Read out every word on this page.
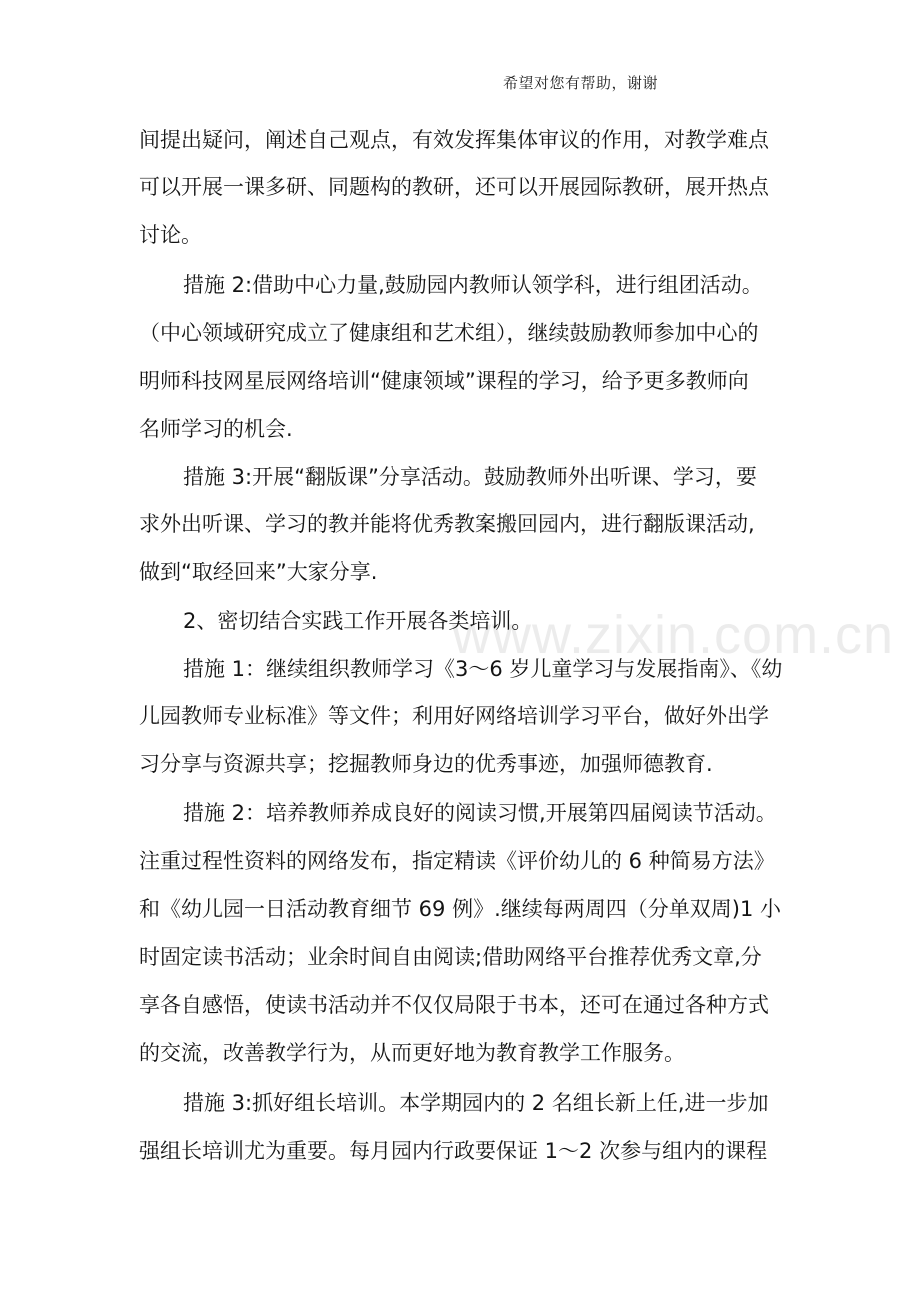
希望对您有帮助，谢谢
www.zixin.com.cn
间提出疑问，阐述自己观点，有效发挥集体审议的作用，对教学难点
可以开展一课多研、同题构的教研，还可以开展园际教研，展开热点
讨论。
措施 2:借助中心力量,鼓励园内教师认领学科，进行组团活动。
（中心领域研究成立了健康组和艺术组），继续鼓励教师参加中心的
明师科技网星辰网络培训“健康领域”课程的学习，给予更多教师向
名师学习的机会.
措施 3:开展“翻版课”分享活动。鼓励教师外出听课、学习，要
求外出听课、学习的教并能将优秀教案搬回园内，进行翻版课活动,
做到“取经回来”大家分享.
2、密切结合实践工作开展各类培训。
措施 1：继续组织教师学习《3～6 岁儿童学习与发展指南》、《幼
儿园教师专业标准》等文件；利用好网络培训学习平台，做好外出学
习分享与资源共享；挖掘教师身边的优秀事迹，加强师德教育.
措施 2：培养教师养成良好的阅读习惯,开展第四届阅读节活动。
注重过程性资料的网络发布，指定精读《评价幼儿的 6 种简易方法》
和《幼儿园一日活动教育细节 69 例》.继续每两周四（分单双周)1 小
时固定读书活动；业余时间自由阅读;借助网络平台推荐优秀文章,分
享各自感悟，使读书活动并不仅仅局限于书本，还可在通过各种方式
的交流，改善教学行为，从而更好地为教育教学工作服务。
措施 3:抓好组长培训。本学期园内的 2 名组长新上任,进一步加
强组长培训尤为重要。每月园内行政要保证 1～2 次参与组内的课程
